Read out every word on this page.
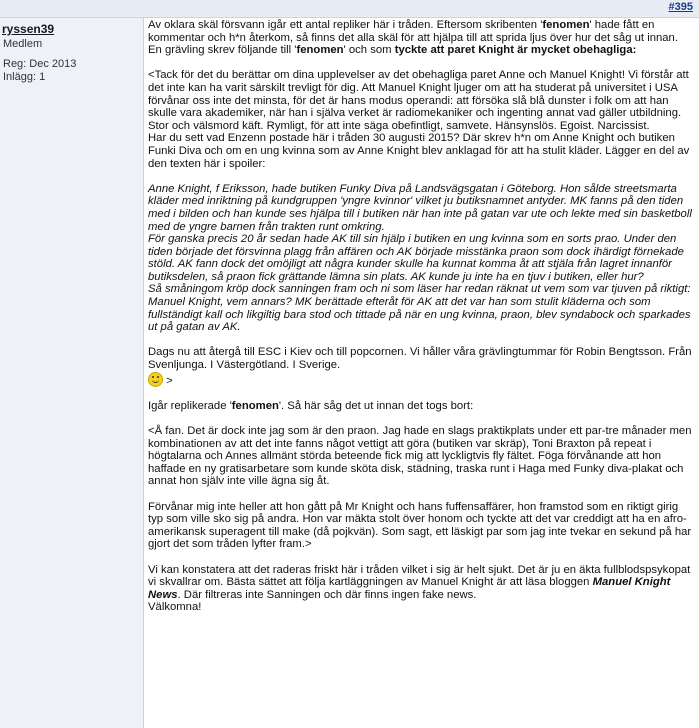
#395
ryssen39
Medlem
Reg: Dec 2013
Inlägg: 1

Av oklara skäl försvann igår ett antal repliker här i tråden. Eftersom skribenten 'fenomen' hade fått en kommentar och h*n återkom, så finns det alla skäl för att hjälpa till att sprida ljus över hur det såg ut innan.

En grävling skrev följande till 'fenomen' och som tyckte att paret Knight är mycket obehagliga:

<Tack för det du berättar om dina upplevelser av det obehagliga paret Anne och Manuel Knight! Vi förstår att det inte kan ha varit särskilt trevligt för dig. Att Manuel Knight ljuger om att ha studerat på universitet i USA förvånar oss inte det minsta, för det är hans modus operandi: att försöka slå blå dunster i folk om att han skulle vara akademiker, när han i själva verket är radiomekaniker och ingenting annat vad gäller utbildning. Stor och välsmord käft. Rymligt, för att inte säga obefintligt, samvete. Hänsynslös. Egoist. Narcissist.
Har du sett vad Enzenn postade här i tråden 30 augusti 2015? Där skrev h*n om Anne Knight och butiken Funki Diva och om en ung kvinna som av Anne Knight blev anklagad för att ha stulit kläder. Lägger en del av den texten här i spoiler:

Anne Knight, f Eriksson, hade butiken Funky Diva på Landsvägsgatan i Göteborg. Hon sålde streetsmarta kläder med inriktning på kundgruppen 'yngre kvinnor' vilket ju butiksnamnet antyder. MK fanns på den tiden med i bilden och han kunde ses hjälpa till i butiken när han inte på gatan var ute och lekte med sin basketboll med de yngre barnen från trakten runt omkring.
För ganska precis 20 år sedan hade AK till sin hjälp i butiken en ung kvinna som en sorts prao. Under den tiden började det försvinna plagg från affären och AK började misstänka praon som dock ihärdigt förnekade stöld. AK fann dock det omöjligt att några kunder skulle ha kunnat komma åt att stjäla från lagret innanför butiksdelen, så praon fick grättande lämna sin plats. AK kunde ju inte ha en tjuv i butiken, eller hur?
Så småningom kröp dock sanningen fram och ni som läser har redan räknat ut vem som var tjuven på riktigt: Manuel Knight, vem annars? MK berättade efteråt för AK att det var han som stulit kläderna och som fullständigt kall och likgiltig bara stod och tittade på när en ung kvinna, praon, blev syndabock och sparkades ut på gatan av AK.

Dags nu att återgå till ESC i Kiev och till popcornen. Vi håller våra grävlingtummar för Robin Bengtsson. Från Svenljunga. I Västergötland. I Sverige.

>

Igår replikerade 'fenomen'. Så här såg det ut innan det togs bort:

<Å fan. Det är dock inte jag som är den praon. Jag hade en slags praktikplats under ett par-tre månader men kombinationen av att det inte fanns något vettigt att göra (butiken var skräp), Toni Braxton på repeat i högtalarna och Annes allmänt störda beteende fick mig att lyckligtvis fly fältet. Föga förvånande att hon haffade en ny gratisarbetare som kunde sköta disk, städning, traska runt i Haga med Funky diva-plakat och annat hon själv inte ville ägna sig åt.

Förvånar mig inte heller att hon gått på Mr Knight och hans fuffensaffärer, hon framstod som en riktigt girig typ som ville sko sig på andra. Hon var mäkta stolt över honom och tyckte att det var creddigt att ha en afro-amerikansk superagent till make (då pojkvän). Som sagt, ett läskigt par som jag inte tvekar en sekund på har gjort det som tråden lyfter fram.>

Vi kan konstatera att det raderas friskt här i tråden vilket i sig är helt sjukt. Det är ju en äkta fullblodspsykopat vi skvallrar om. Bästa sättet att följa kartläggningen av Manuel Knight är att läsa bloggen Manuel Knight News. Där filtreras inte Sanningen och där finns ingen fake news.

Välkomna!
